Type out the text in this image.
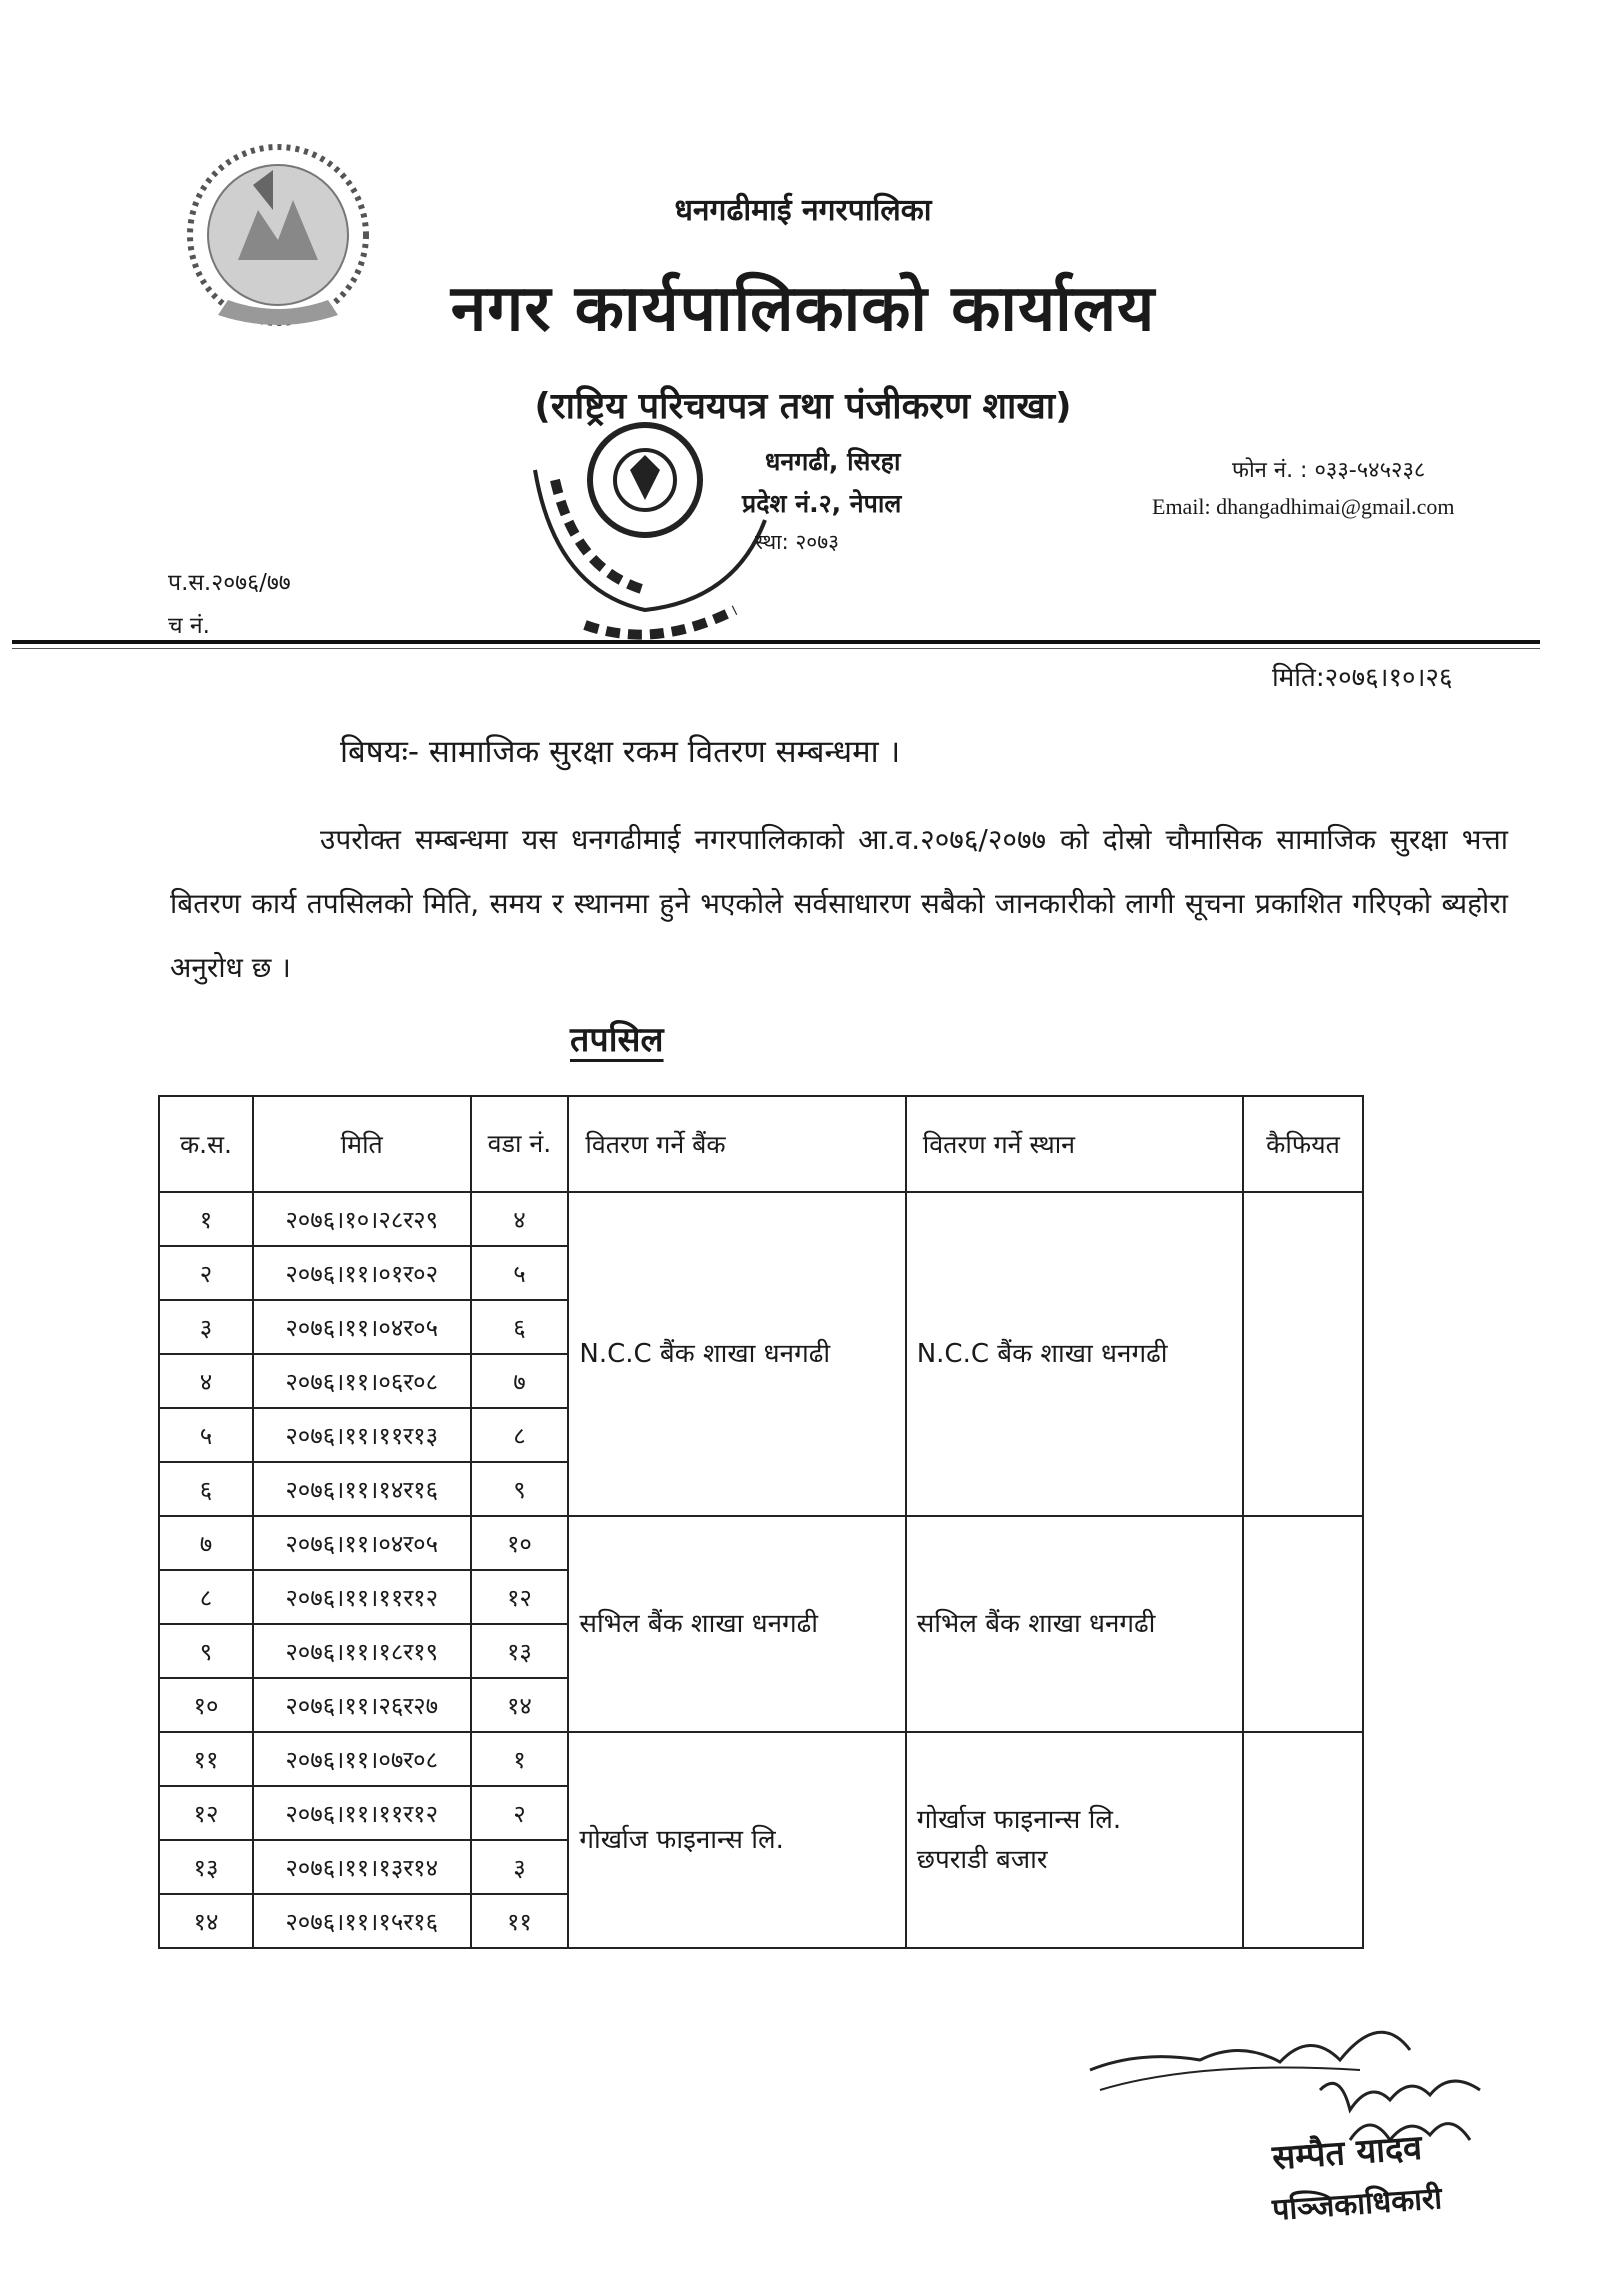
धनगढीमाई नगरपालिका
नगर कार्यपालिकाको कार्यालय
(राष्ट्रिय परिचयपत्र तथा पंजीकरण शाखा)
धनगढी, सिरहा
प्रदेश नं.२, नेपाल
स्था: २०७३
फोन नं. : ०३३-५४५२३८
Email: dhangadhimai@gmail.com
प.स.२०७६/७७
च नं.
मिति:२०७६।१०।२६
बिषयः- सामाजिक सुरक्षा रकम वितरण सम्बन्धमा ।
उपरोक्त सम्बन्धमा यस धनगढीमाई नगरपालिकाको आ.व.२०७६/२०७७ को दोस्रो चौमासिक सामाजिक सुरक्षा भत्ता बितरण कार्य तपसिलको मिति, समय र स्थानमा हुने भएकोले सर्वसाधारण सबैको जानकारीको लागी सूचना प्रकाशित गरिएको ब्यहोरा अनुरोध छ ।
तपसिल
क.स.	मिति	वडा नं.	वितरण गर्ने बैंक	वितरण गर्ने स्थान	कैफियत
१	२०७६।१०।२८र२९	४	N.C.C बैंक शाखा धनगढी	N.C.C बैंक शाखा धनगढी	
२	२०७६।११।०१र०२	५			
३	२०७६।११।०४र०५	६			
४	२०७६।११।०६र०८	७			
५	२०७६।११।११र१३	८			
६	२०७६।११।१४र१६	९			
७	२०७६।११।०४र०५	१०	सभिल बैंक शाखा धनगढी	सभिल बैंक शाखा धनगढी	
८	२०७६।११।११र१२	१२			
९	२०७६।११।१८र१९	१३			
१०	२०७६।११।२६र२७	१४			
११	२०७६।११।०७र०८	१	गोर्खाज फाइनान्स लि.	गोर्खाज फाइनान्स लि.
छपराडी बजार	

१२	२०७६।११।११र१२	२			
१३	२०७६।११।१३र१४	३			
१४	२०७६।११।१५र१६	११			
सम्पैत यादव
पञ्जिकाधिकारी
